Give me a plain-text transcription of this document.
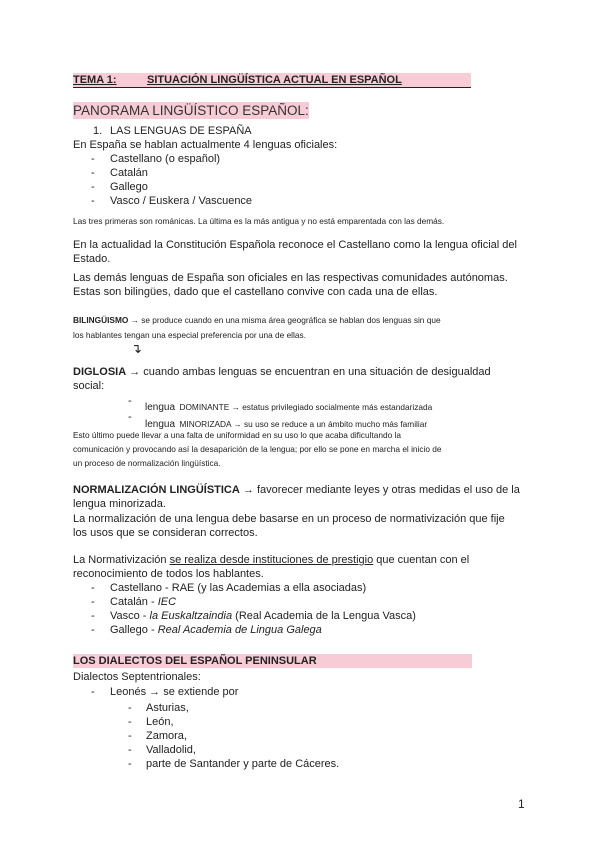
TEMA 1:	SITUACIÓN LINGÜÍSTICA ACTUAL EN ESPAÑOL
PANORAMA LINGÜÍSTICO ESPAÑOL:
1. LAS LENGUAS DE ESPAÑA
En España se hablan actualmente 4 lenguas oficiales:
- Castellano (o español)
- Catalán
- Gallego
- Vasco / Euskera / Vascuence
Las tres primeras son románicas. La última es la más antigua y no está emparentada con las demás.
En la actualidad la Constitución Española reconoce el Castellano como la lengua oficial del
Estado.
Las demás lenguas de España son oficiales en las respectivas comunidades autónomas.
Estas son bilingües, dado que el castellano convive con cada una de ellas.
BILINGÜISMO → se produce cuando en una misma área geográfica se hablan dos lenguas sin que
los hablantes tengan una especial preferencia por una de ellas.
↴
DIGLOSIA → cuando ambas lenguas se encuentran en una situación de desigualdad
social:
-
lengua DOMINANTE → estatus privilegiado socialmente más estandarizada
-
lengua MINORIZADA → su uso se reduce a un ámbito mucho más familiar
Esto último puede llevar a una falta de uniformidad en su uso lo que acaba dificultando la
comunicación y provocando así la desaparición de la lengua; por ello se pone en marcha el inicio de
un proceso de normalización lingüística.
NORMALIZACIÓN LINGÜÍSTICA → favorecer mediante leyes y otras medidas el uso de la
lengua minorizada.
La normalización de una lengua debe basarse en un proceso de normativización que fije
los usos que se consideran correctos.
La Normativización se realiza desde instituciones de prestigio que cuentan con el
reconocimiento de todos los hablantes.
- Castellano - RAE (y las Academias a ella asociadas)
- Catalán - IEC
- Vasco - la Euskaltzaindia (Real Academia de la Lengua Vasca)
- Gallego - Real Academia de Lingua Galega
LOS DIALECTOS DEL ESPAÑOL PENINSULAR
Dialectos Septentrionales:
- Leonés → se extiende por
- Asturias,
- León,
- Zamora,
- Valladolid,
- parte de Santander y parte de Cáceres.
1
